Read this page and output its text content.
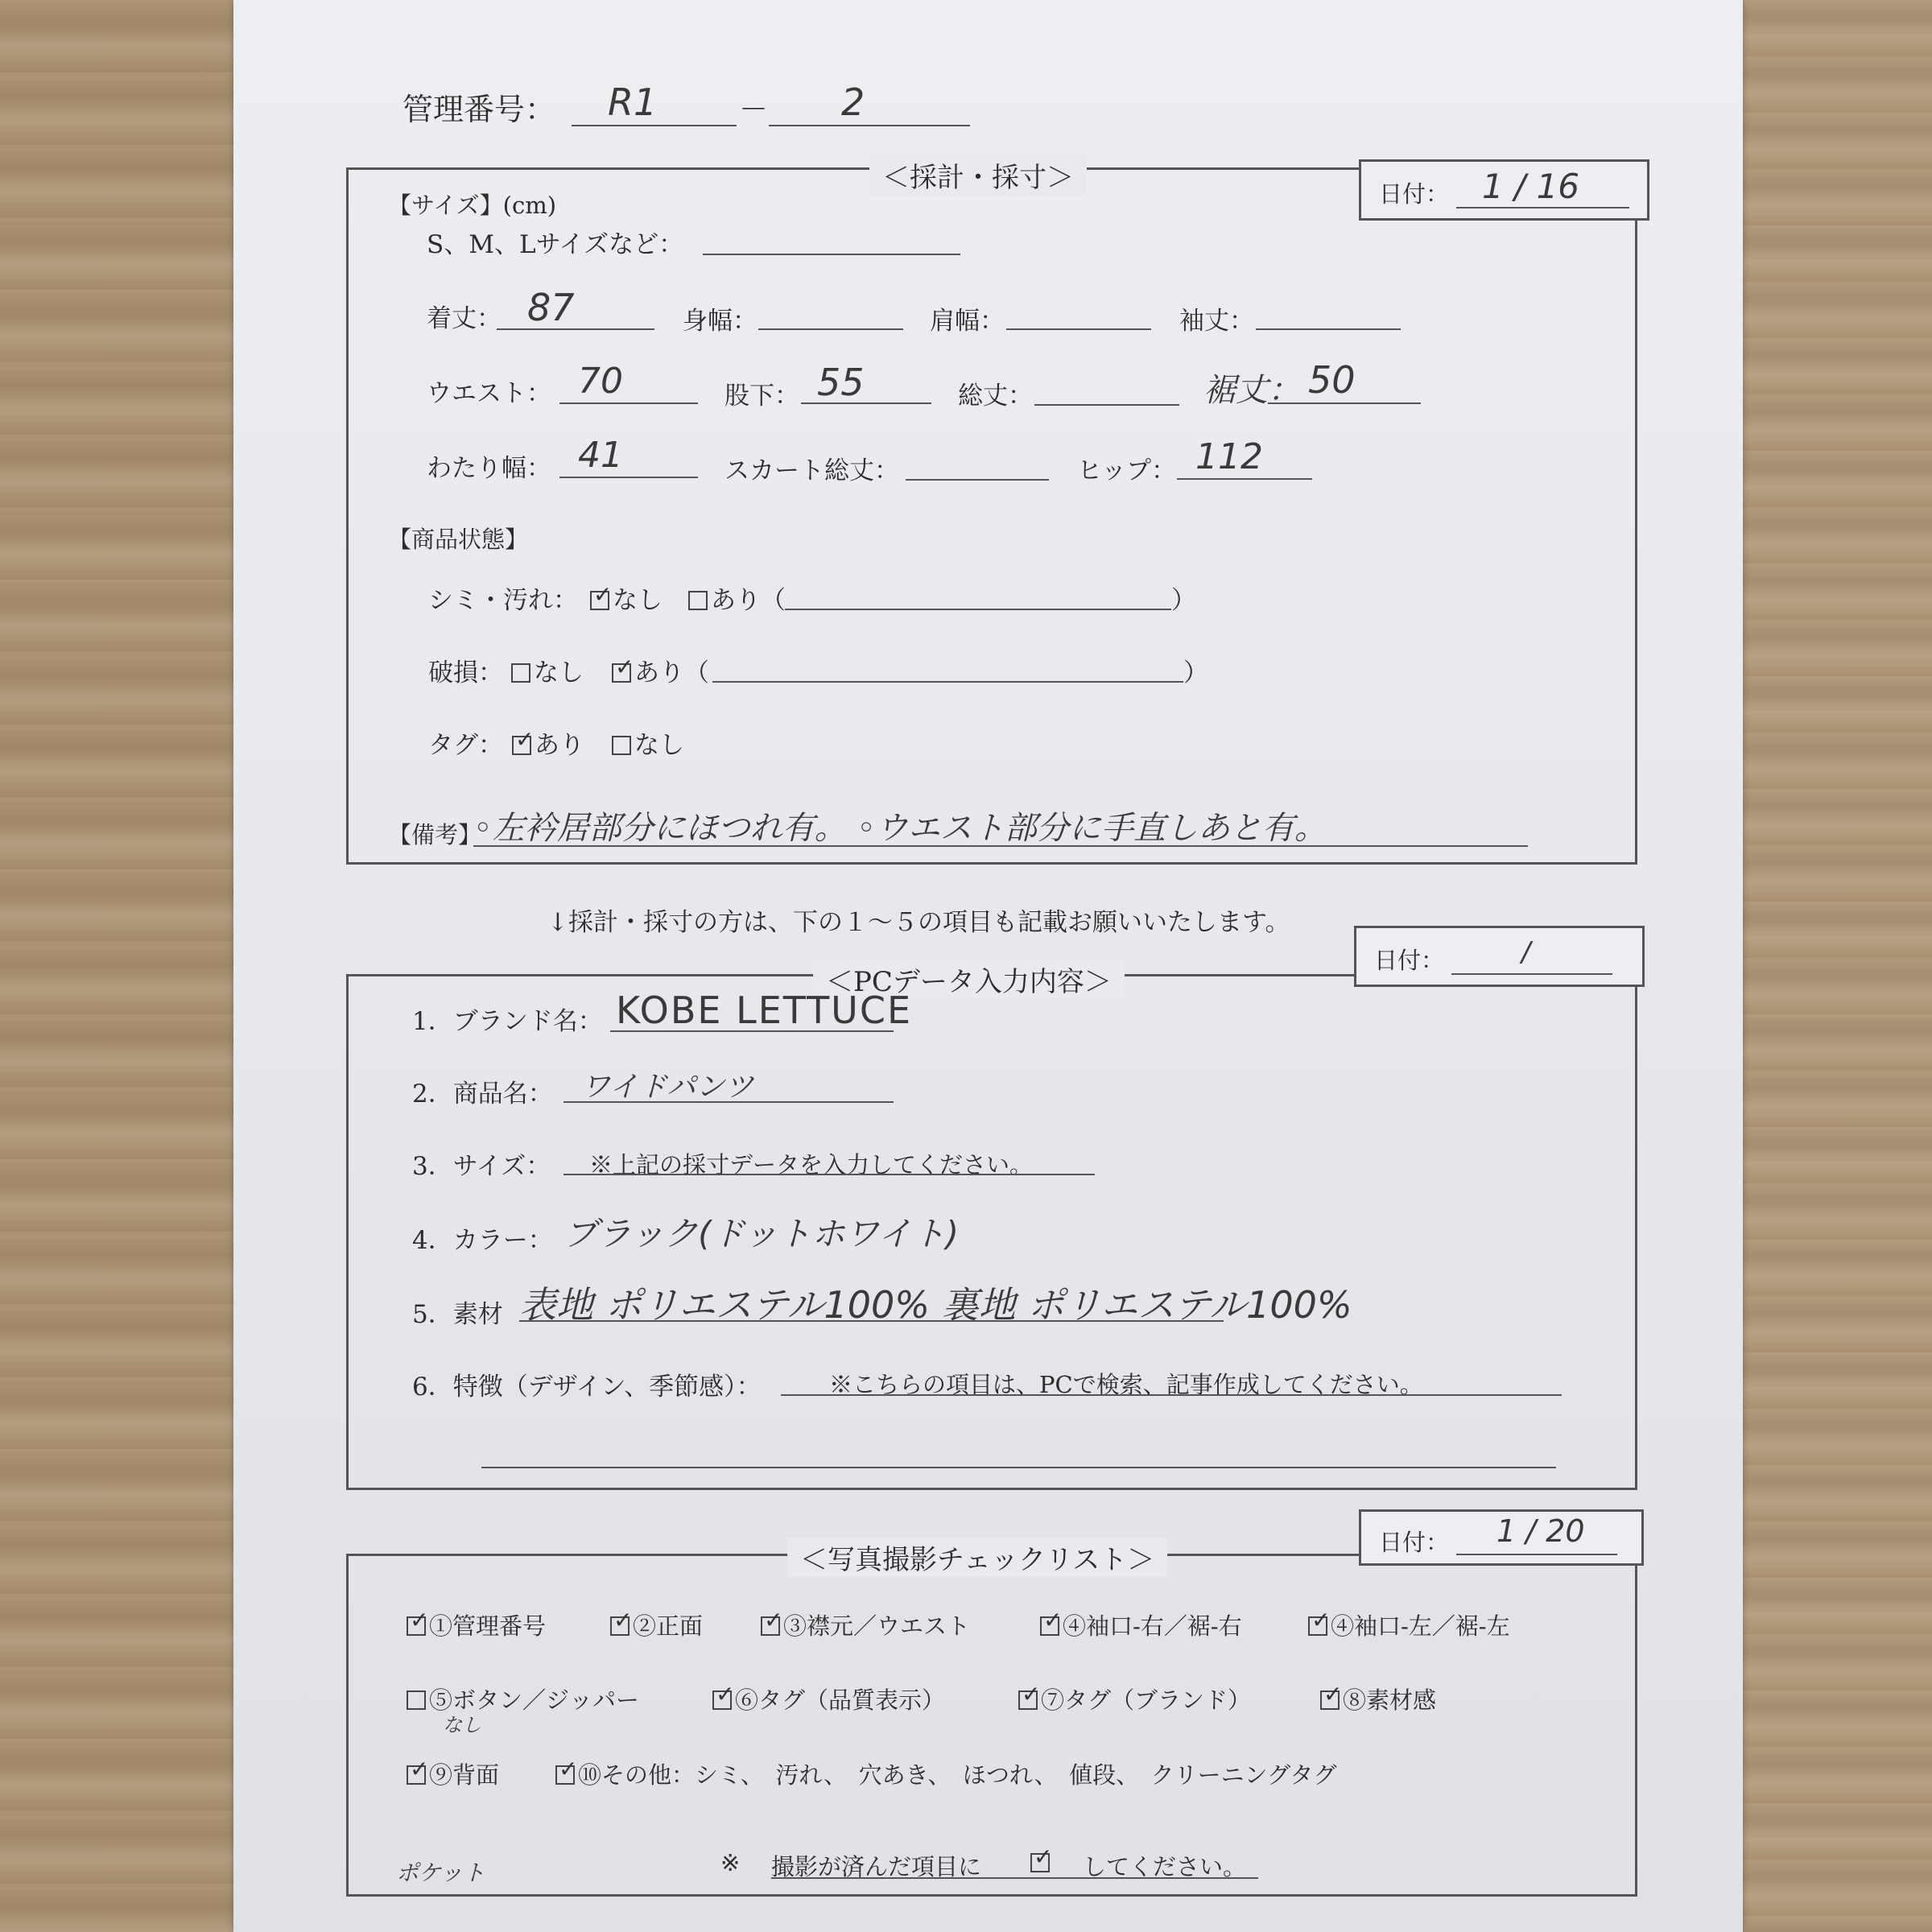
管理番号： R1	－ 2
＜採計・採寸＞	日付： 1 / 16
【サイズ】(cm)
S、M、Lサイズなど：
着丈： 87	身幅：	肩幅：	袖丈：
ウエスト： 70	股下： 55	総丈：	裾丈： 50
わたり幅： 41	スカート総丈：	ヒップ： 112
【商品状態】
シミ・汚れ： ✓	なし	あり（	）
破損：	なし ✓	あり（	）
タグ： ✓	あり	なし
【備考】
◦左衿居部分にほつれ有。 ◦ウエスト部分に手直しあと有。
↓採計・採寸の方は、下の１～５の項目も記載お願いいたします。
＜PCデータ入力内容＞
日付：	/
1．ブランド名： KOBE LETTUCE
2．商品名： ワイドパンツ
3．サイズ： ※上記の採寸データを入力してください。
4．カラー： ブラック(ドットホワイト)
5．素材 表地 ポリエステル100% 裏地 ポリエステル100%
6．特徴（デザイン、季節感）：	※こちらの項目は、PCで検索、記事作成してください。
＜写真撮影チェックリスト＞
日付： 1 / 20
✓①管理番号 ✓	②正面 ✓	③襟元／ウエスト ✓	④袖口-右／裾-右 ✓	④袖口-左／裾-左
⑤ボタン／ジッパー
なし
✓⑥タグ（品質表示） ✓	⑦タグ（ブランド） ✓	⑧素材感
✓⑨背面 ✓	⑩その他：シミ、　汚れ、　穴あき、　ほつれ、　値段、　クリーニングタグ
ポケット	※ 撮影が済んだ項目に ✓	してください。
